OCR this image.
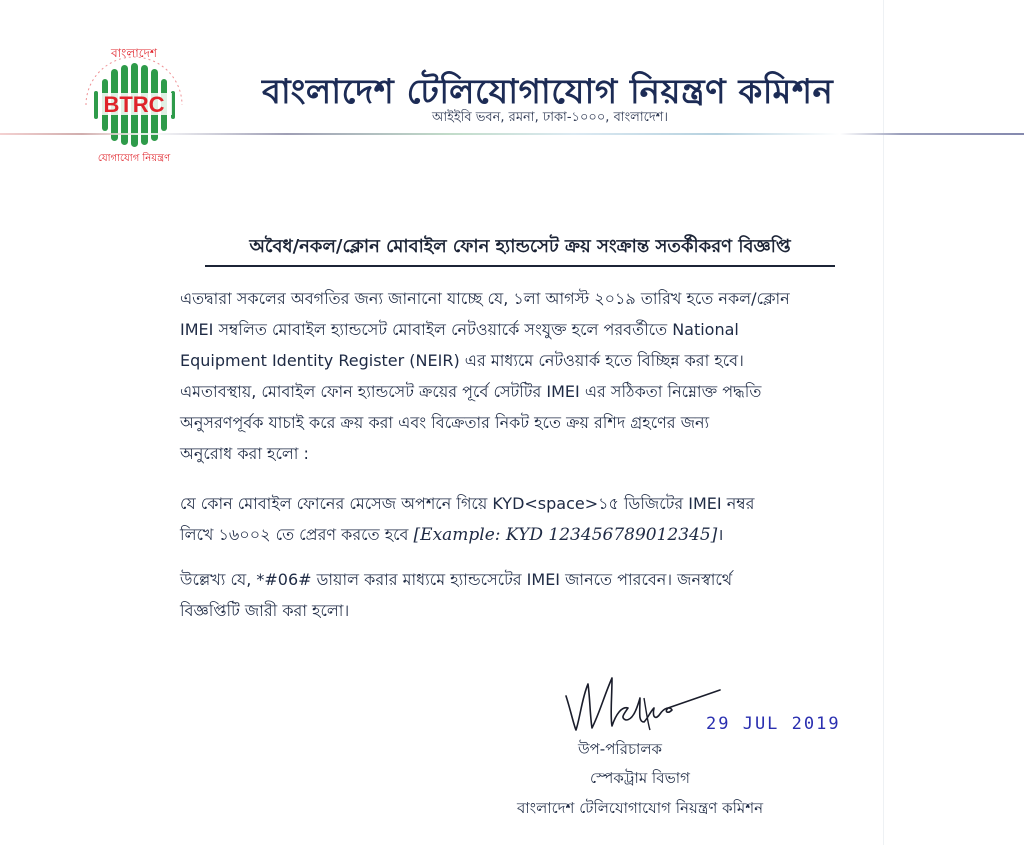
BTRC
বাংলাদেশ
যোগাযোগ নিয়ন্ত্রণ
বাংলাদেশ টেলিযোগাযোগ নিয়ন্ত্রণ কমিশন
আইইবি ভবন, রমনা, ঢাকা-১০০০, বাংলাদেশ।
অবৈধ/নকল/ক্লোন মোবাইল ফোন হ্যান্ডসেট ক্রয় সংক্রান্ত সতর্কীকরণ বিজ্ঞপ্তি
এতদ্বারা সকলের অবগতির জন্য জানানো যাচ্ছে যে, ১লা আগস্ট ২০১৯ তারিখ হতে নকল/ক্লোন
IMEI সম্বলিত মোবাইল হ্যান্ডসেট মোবাইল নেটওয়ার্কে সংযুক্ত হলে পরবর্তীতে National
Equipment Identity Register (NEIR) এর মাধ্যমে নেটওয়ার্ক হতে বিচ্ছিন্ন করা হবে।
এমতাবস্থায়, মোবাইল ফোন হ্যান্ডসেট ক্রয়ের পূর্বে সেটটির IMEI এর সঠিকতা নিম্নোক্ত পদ্ধতি
অনুসরণপূর্বক যাচাই করে ক্রয় করা এবং বিক্রেতার নিকট হতে ক্রয় রশিদ গ্রহণের জন্য
অনুরোধ করা হলো :
যে কোন মোবাইল ফোনের মেসেজ অপশনে গিয়ে KYD<space>১৫ ডিজিটের IMEI নম্বর
লিখে ১৬০০২ তে প্রেরণ করতে হবে [Example: KYD 123456789012345]।
উল্লেখ্য যে, *#06# ডায়াল করার মাধ্যমে হ্যান্ডসেটের IMEI জানতে পারবেন। জনস্বার্থে
বিজ্ঞপ্তিটি জারী করা হলো।
29 JUL 2019
উপ-পরিচালক
স্পেকট্রাম বিভাগ
বাংলাদেশ টেলিযোগাযোগ নিয়ন্ত্রণ কমিশন
